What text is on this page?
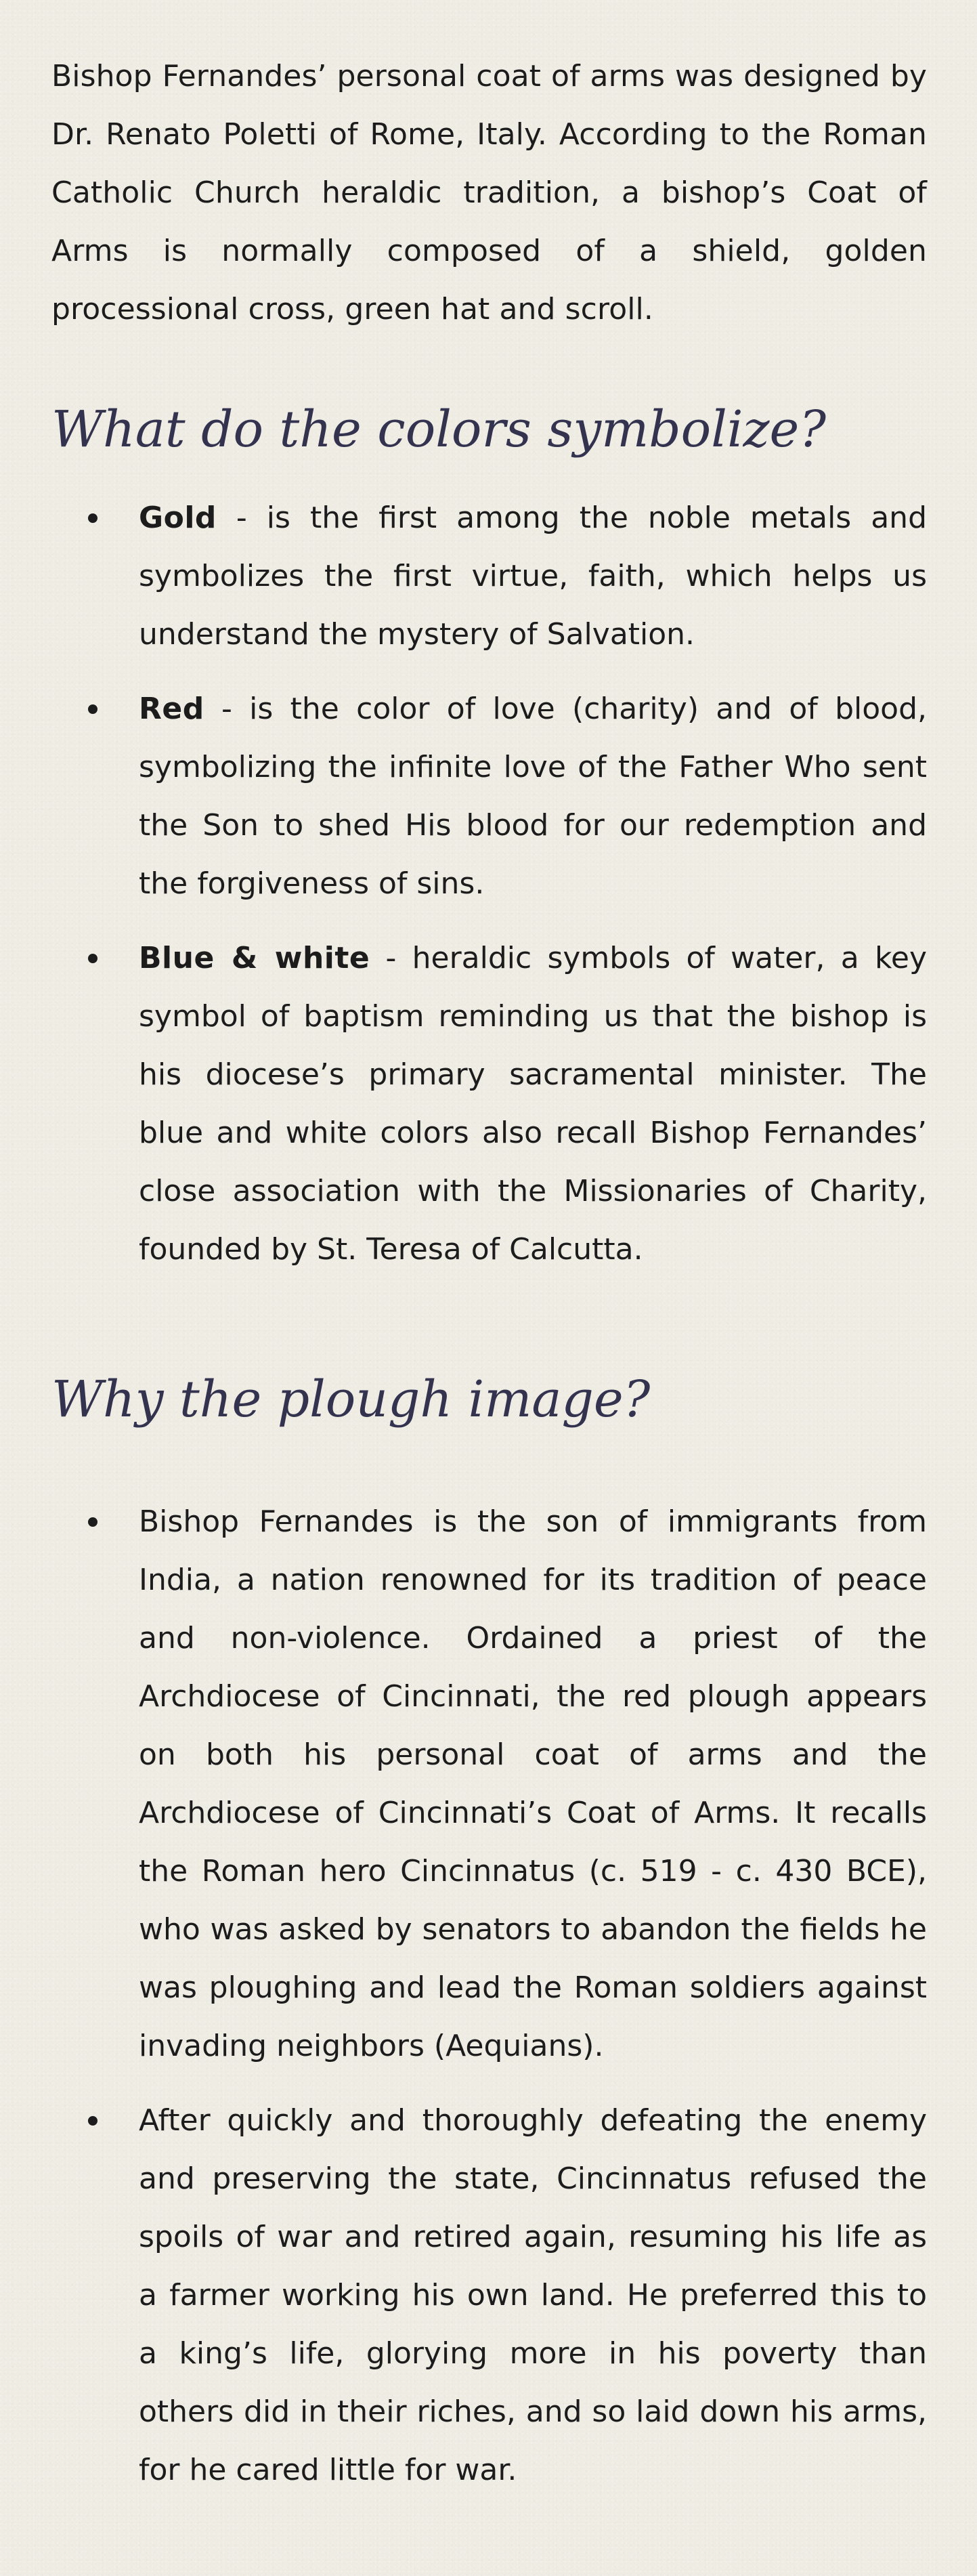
Bishop Fernandes’ personal coat of arms was designed by Dr. Renato Poletti of Rome, Italy. According to the Roman Catholic Church heraldic tradition, a bishop’s Coat of Arms is normally composed of a shield, golden processional cross, green hat and scroll.

What do the colors symbolize?
Gold - is the first among the noble metals and symbolizes the first virtue, faith, which helps us understand the mystery of Salvation.
Red - is the color of love (charity) and of blood, symbolizing the infinite love of the Father Who sent the Son to shed His blood for our redemption and the forgiveness of sins.
Blue & white - heraldic symbols of water, a key symbol of baptism reminding us that the bishop is his diocese’s primary sacramental minister. The blue and white colors also recall Bishop Fernandes’ close association with the Missionaries of Charity, founded by St. Teresa of Calcutta.
Why the plough image?
Bishop Fernandes is the son of immigrants from India, a nation renowned for its tradition of peace and non-violence. Ordained a priest of the Archdiocese of Cincinnati, the red plough appears on both his personal coat of arms and the Archdiocese of Cincinnati’s Coat of Arms. It recalls the Roman hero Cincinnatus (c. 519 - c. 430 BCE), who was asked by senators to abandon the fields he was ploughing and lead the Roman soldiers against invading neighbors (Aequians).
After quickly and thoroughly defeating the enemy and preserving the state, Cincinnatus refused the spoils of war and retired again, resuming his life as a farmer working his own land. He preferred this to a king’s life, glorying more in his poverty than others did in their riches, and so laid down his arms, for he cared little for war.
